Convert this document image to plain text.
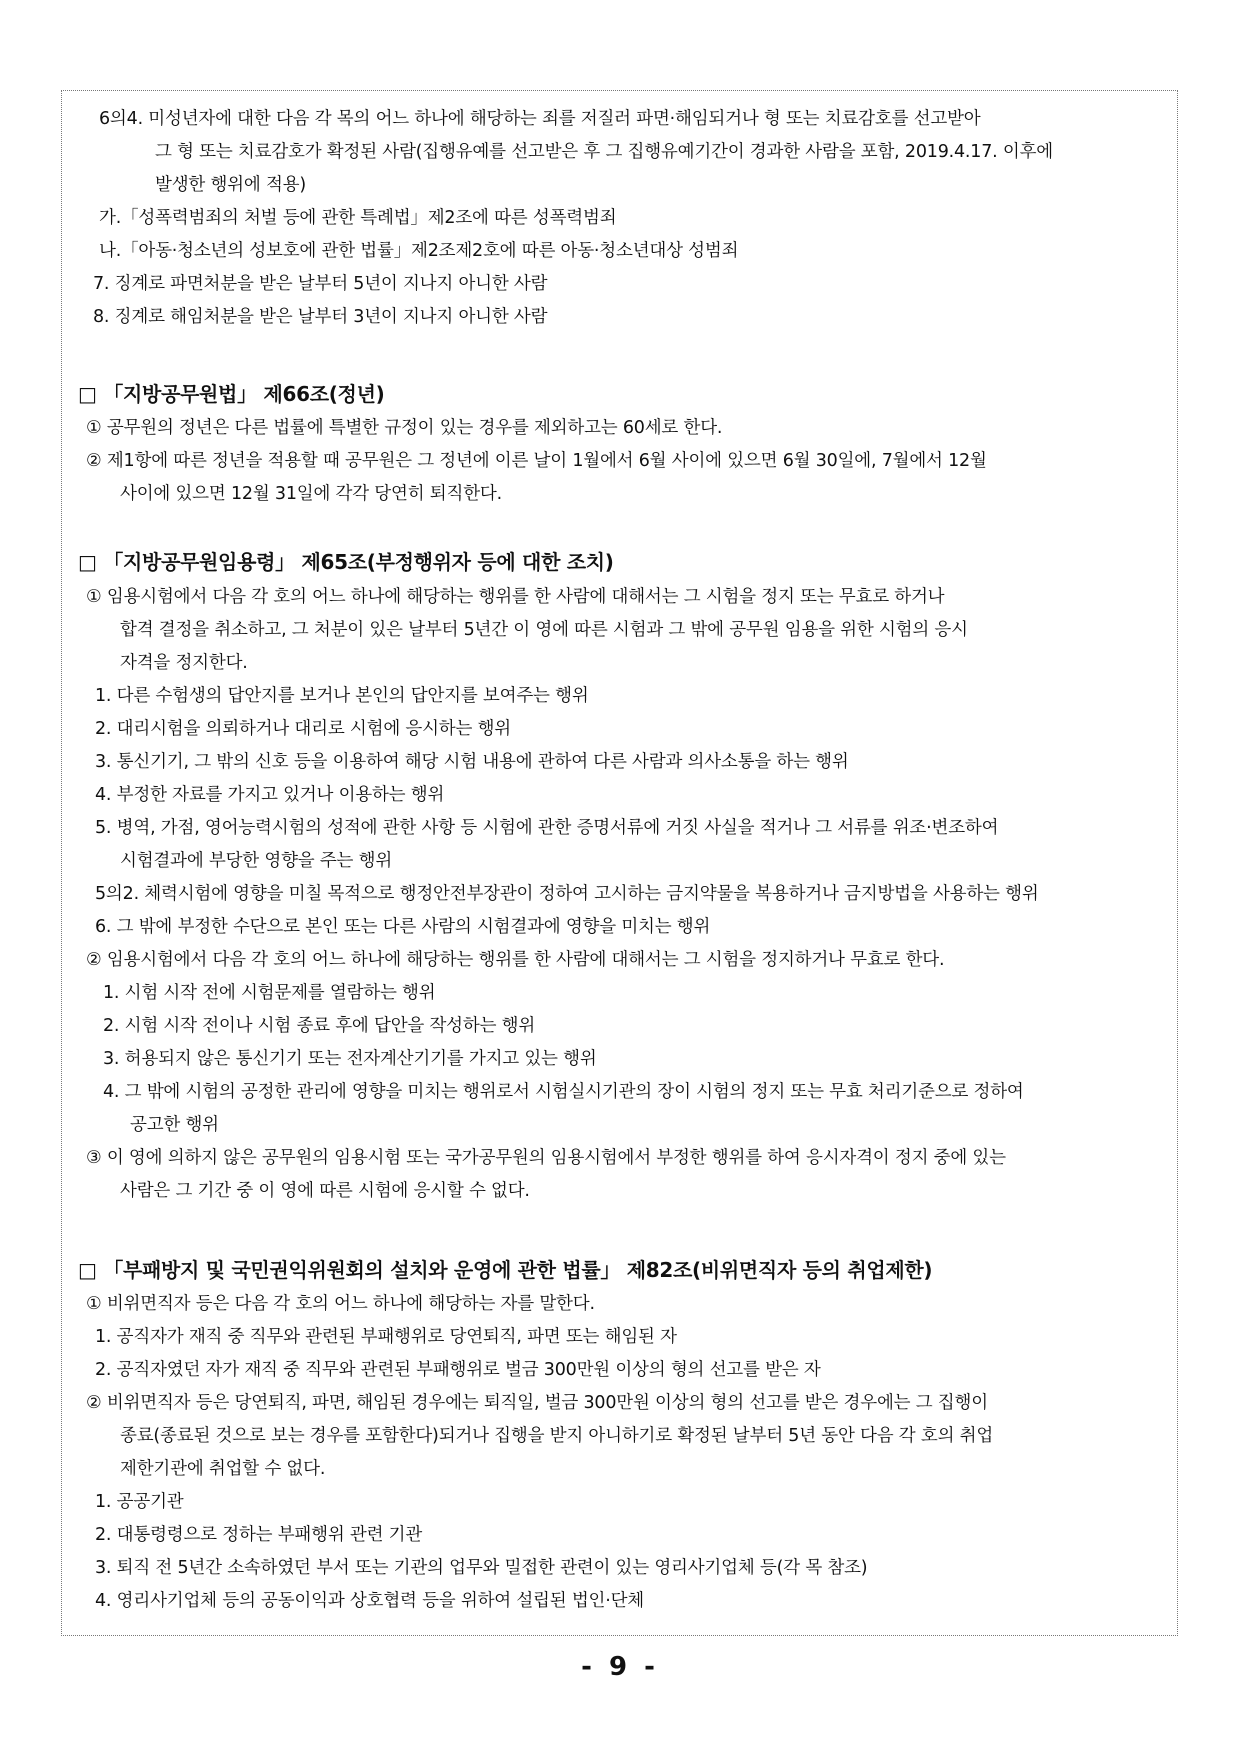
6의4. 미성년자에 대한 다음 각 목의 어느 하나에 해당하는 죄를 저질러 파면·해임되거나 형 또는 치료감호를 선고받아
그 형 또는 치료감호가 확정된 사람(집행유예를 선고받은 후 그 집행유예기간이 경과한 사람을 포함, 2019.4.17. 이후에
발생한 행위에 적용)
가.「성폭력범죄의 처벌 등에 관한 특례법」제2조에 따른 성폭력범죄
나.「아동·청소년의 성보호에 관한 법률」제2조제2호에 따른 아동·청소년대상 성범죄
7. 징계로 파면처분을 받은 날부터 5년이 지나지 아니한 사람
8. 징계로 해임처분을 받은 날부터 3년이 지나지 아니한 사람
□ 「지방공무원법」 제66조(정년)
① 공무원의 정년은 다른 법률에 특별한 규정이 있는 경우를 제외하고는 60세로 한다.
② 제1항에 따른 정년을 적용할 때 공무원은 그 정년에 이른 날이 1월에서 6월 사이에 있으면 6월 30일에, 7월에서 12월
사이에 있으면 12월 31일에 각각 당연히 퇴직한다.
□ 「지방공무원임용령」 제65조(부정행위자 등에 대한 조치)
① 임용시험에서 다음 각 호의 어느 하나에 해당하는 행위를 한 사람에 대해서는 그 시험을 정지 또는 무효로 하거나
합격 결정을 취소하고, 그 처분이 있은 날부터 5년간 이 영에 따른 시험과 그 밖에 공무원 임용을 위한 시험의 응시
자격을 정지한다.
1. 다른 수험생의 답안지를 보거나 본인의 답안지를 보여주는 행위
2. 대리시험을 의뢰하거나 대리로 시험에 응시하는 행위
3. 통신기기, 그 밖의 신호 등을 이용하여 해당 시험 내용에 관하여 다른 사람과 의사소통을 하는 행위
4. 부정한 자료를 가지고 있거나 이용하는 행위
5. 병역, 가점, 영어능력시험의 성적에 관한 사항 등 시험에 관한 증명서류에 거짓 사실을 적거나 그 서류를 위조·변조하여
시험결과에 부당한 영향을 주는 행위
5의2. 체력시험에 영향을 미칠 목적으로 행정안전부장관이 정하여 고시하는 금지약물을 복용하거나 금지방법을 사용하는 행위
6. 그 밖에 부정한 수단으로 본인 또는 다른 사람의 시험결과에 영향을 미치는 행위
② 임용시험에서 다음 각 호의 어느 하나에 해당하는 행위를 한 사람에 대해서는 그 시험을 정지하거나 무효로 한다.
1. 시험 시작 전에 시험문제를 열람하는 행위
2. 시험 시작 전이나 시험 종료 후에 답안을 작성하는 행위
3. 허용되지 않은 통신기기 또는 전자계산기기를 가지고 있는 행위
4. 그 밖에 시험의 공정한 관리에 영향을 미치는 행위로서 시험실시기관의 장이 시험의 정지 또는 무효 처리기준으로 정하여
공고한 행위
③ 이 영에 의하지 않은 공무원의 임용시험 또는 국가공무원의 임용시험에서 부정한 행위를 하여 응시자격이 정지 중에 있는
사람은 그 기간 중 이 영에 따른 시험에 응시할 수 없다.
□ 「부패방지 및 국민권익위원회의 설치와 운영에 관한 법률」 제82조(비위면직자 등의 취업제한)
① 비위면직자 등은 다음 각 호의 어느 하나에 해당하는 자를 말한다.
1. 공직자가 재직 중 직무와 관련된 부패행위로 당연퇴직, 파면 또는 해임된 자
2. 공직자였던 자가 재직 중 직무와 관련된 부패행위로 벌금 300만원 이상의 형의 선고를 받은 자
② 비위면직자 등은 당연퇴직, 파면, 해임된 경우에는 퇴직일, 벌금 300만원 이상의 형의 선고를 받은 경우에는 그 집행이
종료(종료된 것으로 보는 경우를 포함한다)되거나 집행을 받지 아니하기로 확정된 날부터 5년 동안 다음 각 호의 취업
제한기관에 취업할 수 없다.
1. 공공기관
2. 대통령령으로 정하는 부패행위 관련 기관
3. 퇴직 전 5년간 소속하였던 부서 또는 기관의 업무와 밀접한 관련이 있는 영리사기업체 등(각 목 참조)
4. 영리사기업체 등의 공동이익과 상호협력 등을 위하여 설립된 법인·단체
- 9 -
